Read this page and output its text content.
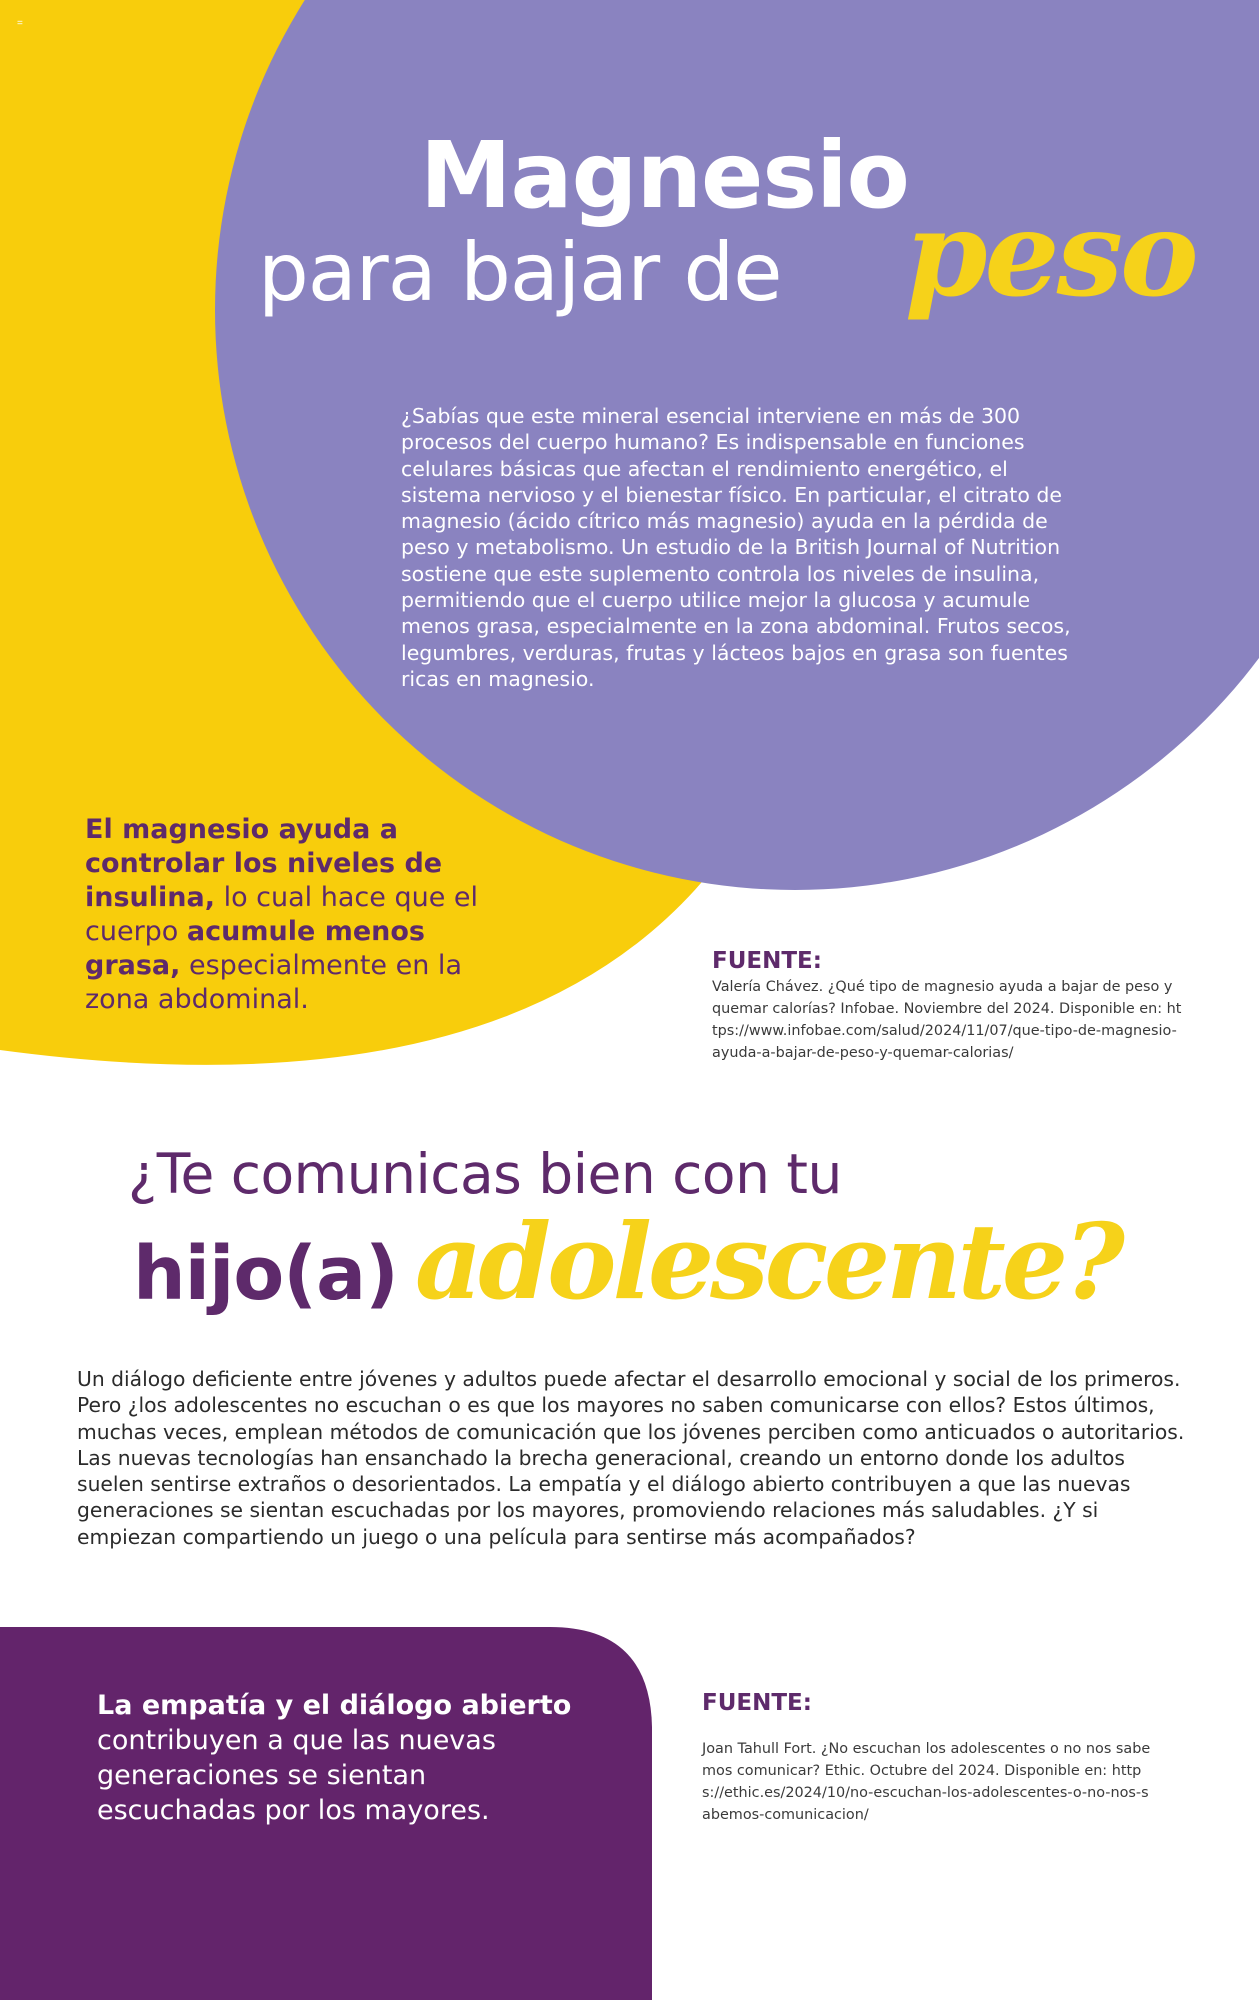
=
Magnesio
para bajar de	peso
¿Sabías que este mineral esencial interviene en más de 300 procesos del cuerpo humano? Es indispensable en funciones celulares básicas que afectan el rendimiento energético, el sistema nervioso y el bienestar físico. En particular, el citrato de magnesio (ácido cítrico más magnesio) ayuda en la pérdida de peso y metabolismo. Un estudio de la British Journal of Nutrition sostiene que este suplemento controla los niveles de insulina, permitiendo que el cuerpo utilice mejor la glucosa y acumule menos grasa, especialmente en la zona abdominal. Frutos secos, legumbres, verduras, frutas y lácteos bajos en grasa son fuentes ricas en magnesio.
El magnesio ayuda a controlar los niveles de insulina, lo cual hace que el cuerpo acumule menos grasa, especialmente en la zona abdominal.
FUENTE:
Valería Chávez. ¿Qué tipo de magnesio ayuda a bajar de peso y quemar calorías? Infobae. Noviembre del 2024. Disponible en: https://www.infobae.com/salud/2024/11/07/que-tipo-de-magnesio-ayuda-a-bajar-de-peso-y-quemar-calorias/
¿Te comunicas bien con tu
hijo(a) adolescente?
Un diálogo deficiente entre jóvenes y adultos puede afectar el desarrollo emocional y social de los primeros. Pero ¿los adolescentes no escuchan o es que los mayores no saben comunicarse con ellos? Estos últimos, muchas veces, emplean métodos de comunicación que los jóvenes perciben como anticuados o autoritarios. Las nuevas tecnologías han ensanchado la brecha generacional, creando un entorno donde los adultos suelen sentirse extraños o desorientados. La empatía y el diálogo abierto contribuyen a que las nuevas generaciones se sientan escuchadas por los mayores, promoviendo relaciones más saludables. ¿Y si empiezan compartiendo un juego o una película para sentirse más acompañados?
La empatía y el diálogo abierto contribuyen a que las nuevas generaciones se sientan escuchadas por los mayores.
FUENTE:
Joan Tahull Fort. ¿No escuchan los adolescentes o no nos sabemos comunicar? Ethic. Octubre del 2024. Disponible en: https://ethic.es/2024/10/no-escuchan-los-adolescentes-o-no-nos-sabemos-comunicacion/
